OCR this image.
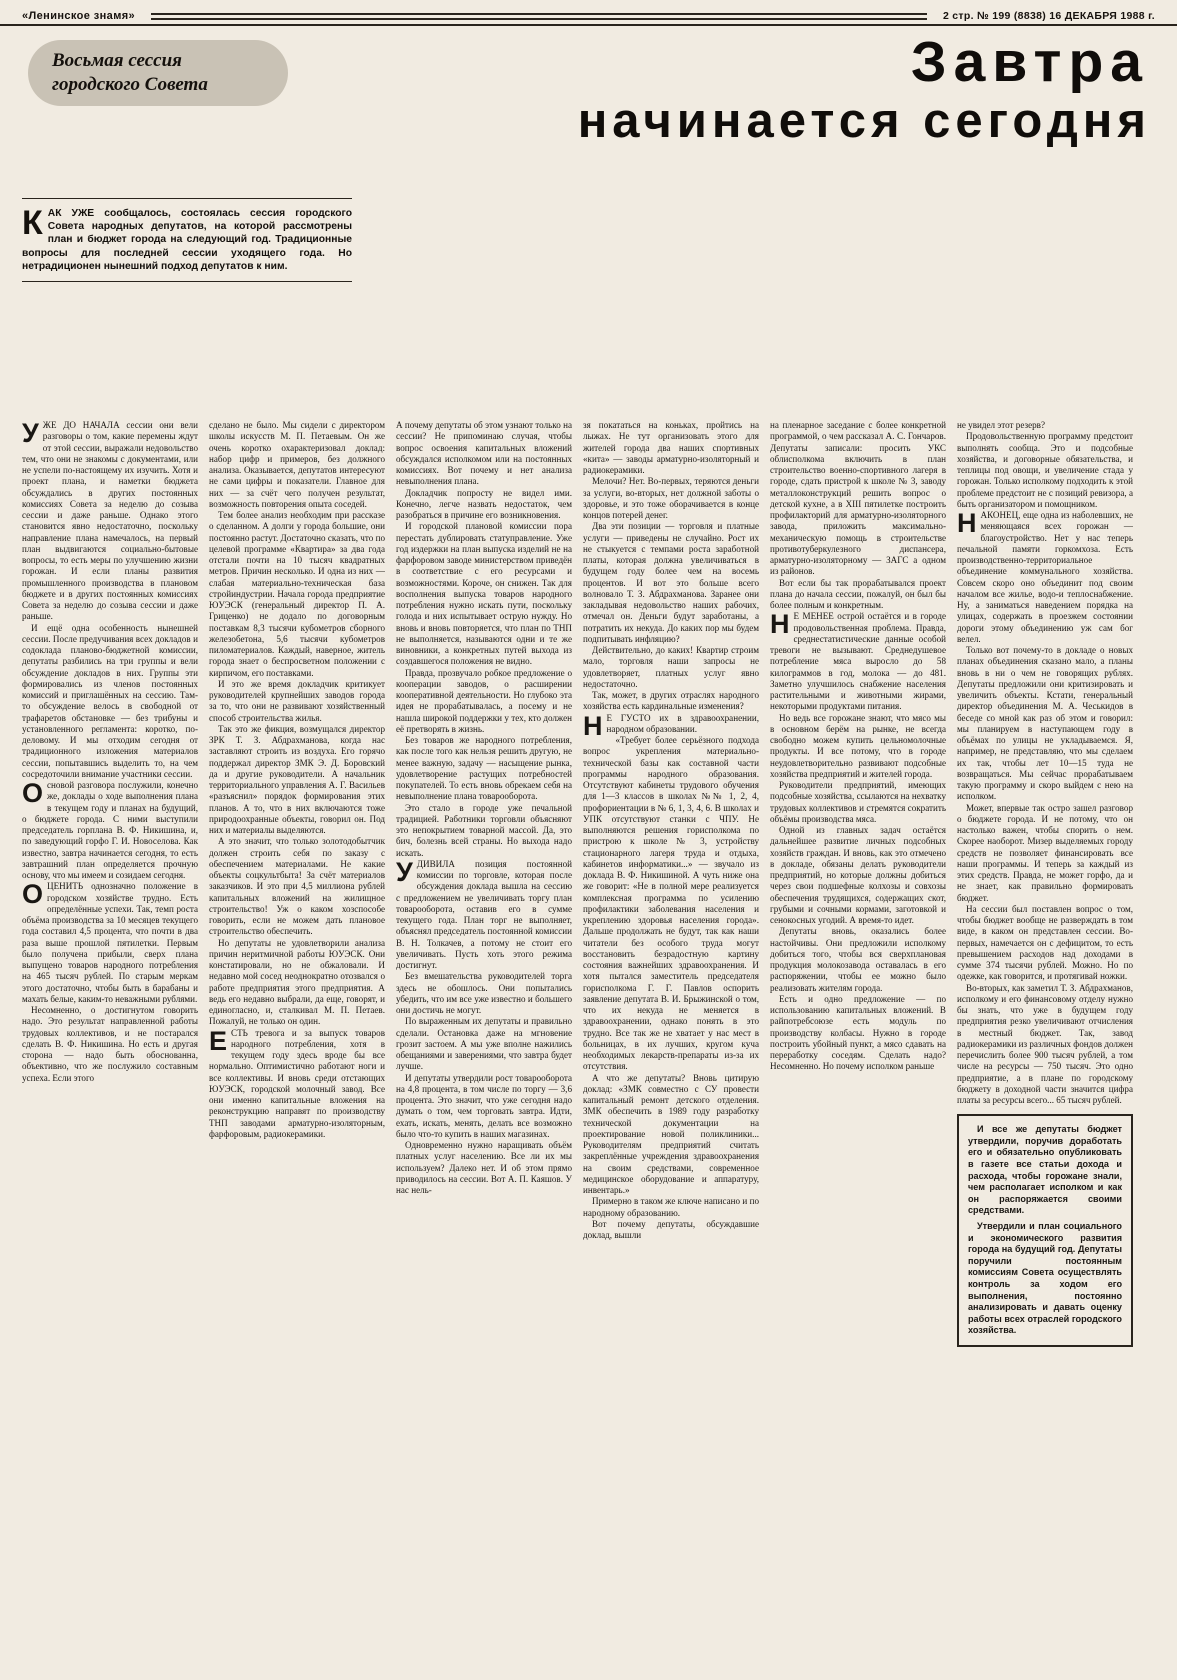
«Ленинское знамя»	2 стр. № 199 (8838) 16 ДЕКАБРЯ 1988 г.
Восьмая сессия
городского Совета	Завтра
начинается сегодня

КАК УЖЕ сообщалось, состоялась сессия городского Совета народных депутатов, на которой рассмотрены план и бюджет города на следующий год. Традиционные вопросы для последней сессии уходящего года. Но нетрадиционен нынешний подход депутатов к ним.

УЖЕ ДО НАЧАЛА сессии они вели разговоры о том, какие перемены ждут от этой сессии, выражали недовольство тем, что они не знакомы с документами, или не успели по-настоящему их изучить. Хотя и проект плана, и наметки бюджета обсуждались в других постоянных комиссиях Совета за неделю до созыва сессии и даже раньше. Однако этого становится явно недостаточно, поскольку направление плана намечалось, на первый план выдвигаются социально-бытовые вопросы, то есть меры по улучшению жизни горожан. И если планы развития промышленного производства в плановом бюджете и в других постоянных комиссиях Совета за неделю до созыва сессии и даже раньше.

И ещё одна особенность нынешней сессии. После предучивания всех докладов и содоклада планово-бюджетной комиссии, депутаты разбились на три группы и вели обсуждение докладов в них. Группы эти формировались из членов постоянных комиссий и приглашённых на сессию. Там-то обсуждение велось в свободной от трафаретов обстановке — без трибуны и установленного регламента: коротко, по-деловому. И мы отходим сегодня от традиционного изложения материалов сессии, попытавшись выделить то, на чем сосредоточили внимание участники сессии.

Основой разговора послужили, конечно же, доклады о ходе выполнения плана в текущем году и планах на будущий, о бюджете города. С ними выступили председатель горплана В. Ф. Никишина, и, по заведующий горфо Г. И. Новоселова. Как известно, завтра начинается сегодня, то есть завтрашний план определяется прочную основу, что мы имеем и созидаем сегодня.

ОЦЕНИТЬ однозначно положение в городском хозяйстве трудно. Есть определённые успехи. Так, темп роста объёма производства за 10 месяцев текущего года составил 4,5 процента, что почти в два раза выше прошлой пятилетки. Первым было получена прибыли, сверх плана выпущено товаров народного потребления на 465 тысяч рублей. По старым меркам этого достаточно, чтобы быть в барабаны и махать белые, каким-то неважными рублями.

Несомненно, о достигнутом говорить надо. Это результат направленной работы трудовых коллективов, и не постарался сделать В. Ф. Никишина. Но есть и другая сторона — надо быть обоснованна, объективно, что же послужило составным успеха. Если этого

сделано не было. Мы сидели с директором школы искусств М. П. Петаевым. Он же очень коротко охарактеризовал доклад: набор цифр и примеров, без должного анализа. Оказывается, депутатов интересуют не сами цифры и показатели. Главное для них — за счёт чего получен результат, возможность повторения опыта соседей.

Тем более анализ необходим при рассказе о сделанном. А долги у города большие, они постоянно растут. Достаточно сказать, что по целевой программе «Квартира» за два года отстали почти на 10 тысяч квадратных метров. Причин несколько. И одна из них — слабая материально-техническая база стройиндустрии. Начала города предприятие ЮУЭСК (генеральный директор П. А. Гриценко) не додало по договорным поставкам 8,3 тысячи кубометров сборного железобетона, 5,6 тысячи кубометров пиломатериалов. Каждый, наверное, житель города знает о беспросветном положении с кирпичом, его поставками.

И это же время докладчик критикует руководителей крупнейших заводов города за то, что они не развивают хозяйственный способ строительства жилья.

Так это же фикция, возмущался директор ЗРК Т. З. Абдрахманова, когда нас заставляют строить из воздуха. Его горячо поддержал директор ЗМК Э. Д. Боровский да и другие руководители. А начальник территориального управления А. Г. Васильев «разъяснил» порядок формирования этих планов. А то, что в них включаются тоже природоохранные объекты, говорил он. Под них и материалы выделяются.

А это значит, что только золотодобытчик должен строить себя по заказу с обеспечением материалами. Не какие объекты соцкультбыта! За счёт материалов заказчиков. И это при 4,5 миллиона рублей капитальных вложений на жилищное строительство! Уж о каком хозспособе говорить, если не можем дать плановое строительство обеспечить.

Но депутаты не удовлетворили анализа причин неритмичной работы ЮУЭСК. Они констатировали, но не обжаловали. И недавно мой сосед неоднократно отозвался о работе предприятия этого предприятия. А ведь его недавно выбрали, да еще, говорят, и единогласно, и, сталкивал М. П. Петаев. Пожалуй, не только он один.

ЕСТЬ тревога и за выпуск товаров народного потребления, хотя в текущем году здесь вроде бы все нормально. Оптимистично работают ноги и все коллективы. И вновь среди отстающих ЮУЭСК, городской молочный завод. Все они именно капитальные вложения на реконструкцию направят по производству ТНП заводами арматурно-изоляторным, фарфоровым, радиокерамики.

А почему депутаты об этом узнают только на сессии? Не припоминаю случая, чтобы вопрос освоения капитальных вложений обсуждался исполкомом или на постоянных комиссиях. Вот почему и нет анализа невыполнения плана.

Докладчик попросту не видел ими. Конечно, легче назвать недостаток, чем разобраться в причине его возникновения.

И городской плановой комиссии пора перестать дублировать статуправление. Уже год издержки на план выпуска изделий не на фарфоровом заводе министерством приведён в соответствие с его ресурсами и возможностями. Короче, он снижен. Так для восполнения выпуска товаров народного потребления нужно искать пути, поскольку голода и них испытывает острую нужду. Но вновь и вновь повторяется, что план по ТНП не выполняется, называются одни и те же виновники, а конкретных путей выхода из создавшегося положения не видно.

Правда, прозвучало робкое предложение о кооперации заводов, о расширении кооперативной деятельности. Но глубоко эта идея не прорабатывалась, а посему и не нашла широкой поддержки у тех, кто должен её претворять в жизнь.

Без товаров же народного потребления, как после того как нельзя решить другую, не менее важную, задачу — насыщение рынка, удовлетворение растущих потребностей покупателей. То есть вновь обрекаем себя на невыполнение плана товарооборота.

Это стало в городе уже печальной традицией. Работники торговли объясняют это непокрытием товарной массой. Да, это бич, болезнь всей страны. Но выхода надо искать.

УДИВИЛА позиция постоянной комиссии по торговле, которая после обсуждения доклада вышла на сессию с предложением не увеличивать торгу план товарооборота, оставив его в сумме текущего года. План торг не выполняет, объяснял председатель постоянной комиссии В. Н. Толкачев, а потому не стоит его увеличивать. Пусть хоть этого режима достигнут.

Без вмешательства руководителей торга здесь не обошлось. Они попытались убедить, что им все уже известно и большего они достичь не могут.

По выраженным их депутаты и правильно сделали. Остановка даже на мгновение грозит застоем. А мы уже вполне нажились обещаниями и заверениями, что завтра будет лучше.

И депутаты утвердили рост товарооборота на 4,8 процента, в том числе по торгу — 3,6 процента. Это значит, что уже сегодня надо думать о том, чем торговать завтра. Идти, ехать, искать, менять, делать все возможно было что-то купить в наших магазинах.

Одновременно нужно наращивать объём платных услуг населению. Все ли их мы используем? Далеко нет. И об этом прямо приводилось на сессии. Вот А. П. Каяшов. У нас нель-

зя покататься на коньках, пройтись на лыжах. Не тут организовать этого для жителей города два наших спортивных «кита» — заводы арматурно-изоляторный и радиокерамики.

Мелочи? Нет. Во-первых, теряются деньги за услуги, во-вторых, нет должной заботы о здоровье, и это тоже оборачивается в конце концов потерей денег.

Два эти позиции — торговля и платные услуги — приведены не случайно. Рост их не стыкуется с темпами роста заработной платы, которая должна увеличиваться в будущем году более чем на восемь процентов. И вот это больше всего волновало Т. З. Абдрахманова. Заранее они закладывая недовольство наших рабочих, отмечал он. Деньги будут заработаны, а потратить их некуда. До каких пор мы будем подпитывать инфляцию?

Действительно, до каких! Квартир строим мало, торговля наши запросы не удовлетворяет, платных услуг явно недостаточно.

Так, может, в других отраслях народного хозяйства есть кардинальные изменения?

Н Е ГУСТО их в здравоохранении, народном образовании.

«Требует более серьёзного подхода вопрос укрепления материально-технической базы как составной части программы народного образования. Отсутствуют кабинеты трудового обучения для 1—3 классов в школах №№ 1, 2, 4, профориентации в № 6, 1, 3, 4, 6. В школах и УПК отсутствуют станки с ЧПУ. Не выполняются решения горисполкома по пристрою к школе № 3, устройству стационарного лагеря труда и отдыха, кабинетов информатики...» — звучало из доклада В. Ф. Никишиной. А чуть ниже она же говорит: «Не в полной мере реализуется комплексная программа по усилению профилактики заболевания населения и укреплению здоровья населения города». Дальше продолжать не будут, так как наши читатели без особого труда могут восстановить безрадостную картину состояния важнейших здравоохранения. И хотя пытался заместитель председателя горисполкома Г. Г. Павлов оспорить заявление депутата В. И. Брыжинской о том, что их некуда не меняется в здравоохранении, однако понять в это трудно. Все так же не хватает у нас мест в больницах, в их лучших, кругом куча необходимых лекарств-препараты из-за их отсутствия.

А что же депутаты? Вновь цитирую доклад: «ЗМК совместно с СУ провести капитальный ремонт детского отделения. ЗМК обеспечить в 1989 году разработку технической документации на проектирование новой поликлиники... Руководителям предприятий считать закреплённые учреждения здравоохранения на своим средствами, современное медицинское оборудование и аппаратуру, инвентарь.»

Примерно в таком же ключе написано и по народному образованию.

Вот почему депутаты, обсуждавшие доклад, вышли

на пленарное заседание с более конкретной программой, о чем рассказал А. С. Гончаров. Депутаты записали: просить УКС облисполкома включить в план строительство военно-спортивного лагеря в городе, сдать пристрой к школе № 3, заводу металлоконструкций решить вопрос о детской кухне, а в XIII пятилетке построить профилакторий для арматурно-изоляторного завода, приложить максимально-механическую помощь в строительстве противотуберкулезного диспансера, арматурно-изоляторному — ЗАГС а одном из районов.

Вот если бы так прорабатывался проект плана до начала сессии, пожалуй, он был бы более полным и конкретным.

Н Е МЕНЕЕ острой остаётся и в городе продовольственная проблема. Правда, среднестатистические данные особой тревоги не вызывают. Среднедушевое потребление мяса выросло до 58 килограммов в год, молока — до 481. Заметно улучшилось снабжение населения растительными и животными жирами, некоторыми продуктами питания.

Но ведь все горожане знают, что мясо мы в основном берём на рынке, не всегда свободно можем купить цельномолочные продукты. И все потому, что в городе неудовлетворительно развивают подсобные хозяйства предприятий и жителей города.

Руководители предприятий, имеющих подсобные хозяйства, ссылаются на нехватку трудовых коллективов и стремятся сократить объёмы производства мяса.

Одной из главных задач остаётся дальнейшее развитие личных подсобных хозяйств граждан. И вновь, как это отмечено в докладе, обязаны делать руководители предприятий, но которые должны добиться через свои подшефные колхозы и совхозы обеспечения трудящихся, содержащих скот, грубыми и сочными кормами, заготовкой и сенокосных угодий. А время-то идет.

Депутаты вновь, оказались более настойчивы. Они предложили исполкому добиться того, чтобы вся сверхплановая продукция молокозавода оставалась в его распоряжении, чтобы ее можно было реализовать жителям города.

Есть и одно предложение — по использованию капитальных вложений. В райпотребсоюзе есть модуль по производству колбасы. Нужно в городе построить убойный пункт, а мясо сдавать на переработку соседям. Сделать надо? Несомненно. Но почему исполком раньше

не увидел этот резерв?

Продовольственную программу предстоит выполнять сообща. Это и подсобные хозяйства, и договорные обязательства, и теплицы под овощи, и увеличение стада у горожан. Только исполкому подходить к этой проблеме предстоит не с позиций ревизора, а быть организатором и помощником.

НАКОНЕЦ, еще одна из наболевших, не меняющаяся всех горожан — благоустройство. Нет у нас теперь печальной памяти горкомхоза. Есть производственно-территориальное объединение коммунального хозяйства. Совсем скоро оно объединит под своим началом все жилье, водо-и теплоснабжение. Ну, а заниматься наведением порядка на улицах, содержать в проезжем состоянии дороги этому объединению уж сам бог велел.

Только вот почему-то в докладе о новых планах объединения сказано мало, а планы вновь в ни о чем не говорящих рублях. Депутаты предложили они критизировать и увеличить объекты. Кстати, генеральный директор объединения М. А. Чеськидов в беседе со мной как раз об этом и говорил: мы планируем в наступающем году в объёмах по улицы не укладываемся. Я, например, не представляю, что мы сделаем их так, чтобы лет 10—15 туда не возвращаться. Мы сейчас прорабатываем такую программу и скоро выйдем с нею на исполком.

Может, впервые так остро зашел разговор о бюджете города. И не потому, что он настолько важен, чтобы спорить о нем. Скорее наоборот. Мизер выделяемых городу средств не позволяет финансировать все наши программы. И теперь за каждый из этих средств. Правда, не может горфо, да и не знает, как правильно формировать бюджет.

На сессии был поставлен вопрос о том, чтобы бюджет вообще не разверждать в том виде, в каком он представлен сессии. Во-первых, намечается он с дефицитом, то есть превышением расходов над доходами в сумме 374 тысячи рублей. Можно. Но по одежке, как говорится, и протягивай ножки.

Во-вторых, как заметил Т. З. Абдрахманов, исполкому и его финансовому отделу нужно бы знать, что уже в будущем году предприятия резко увеличивают отчисления в местный бюджет. Так, завод радиокерамики из различных фондов должен перечислить более 900 тысяч рублей, а том числе на ресурсы — 750 тысяч. Это одно предприятие, а в плане по городскому бюджету в доходной части значится цифра платы за ресурсы всего... 65 тысяч рублей.

И все же депутаты бюджет утвердили, поручив доработать его и обязательно опубликовать в газете все статьи дохода и расхода, чтобы горожане знали, чем располагает исполком и как он распоряжается своими средствами.

Утвердили и план социального и экономического развития города на будущий год. Депутаты поручили постоянным комиссиям Совета осуществлять контроль за ходом его выполнения, постоянно анализировать и давать оценку работы всех отраслей городского хозяйства.
